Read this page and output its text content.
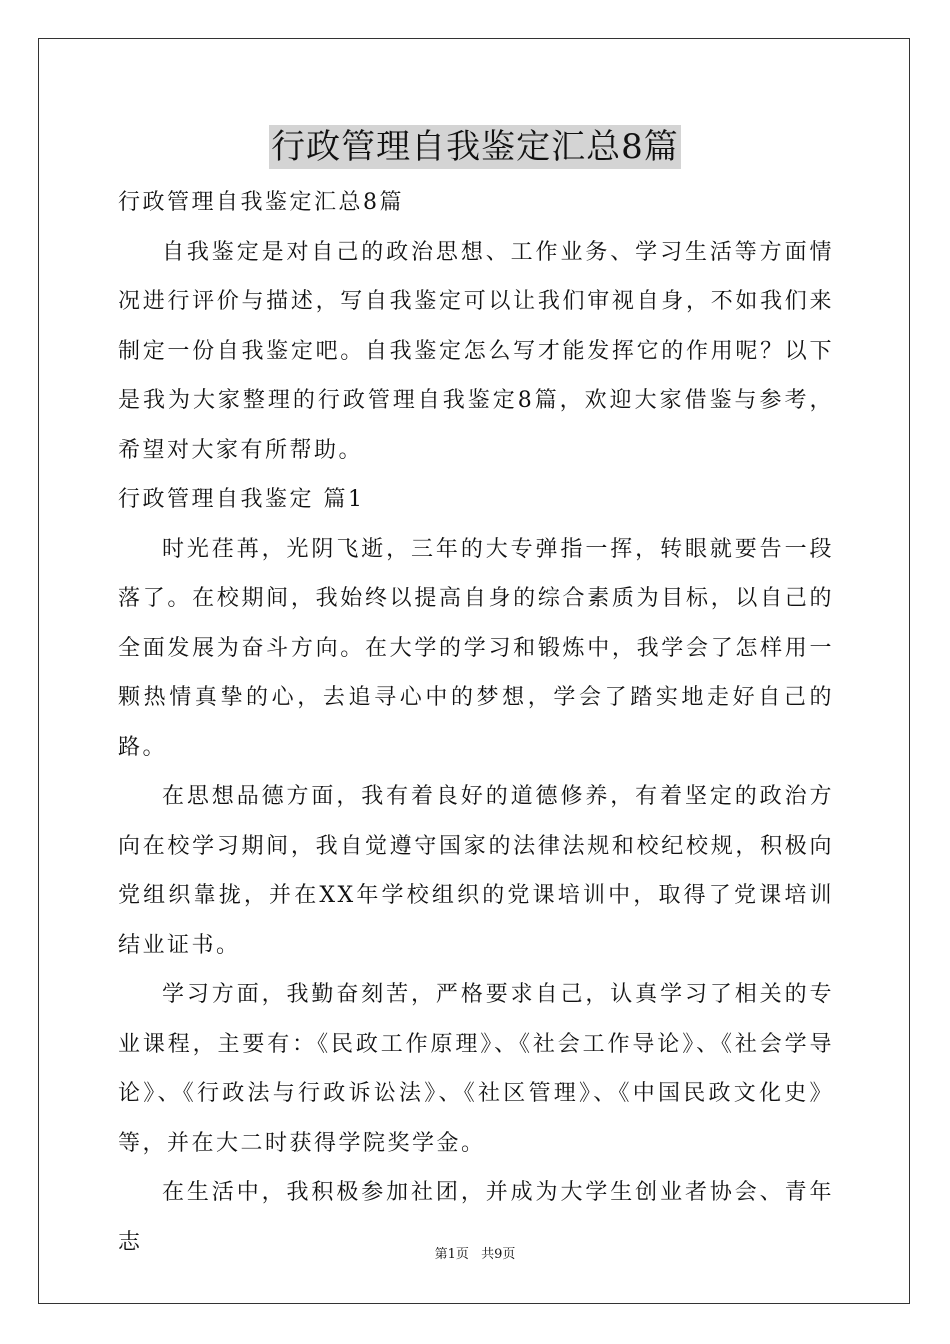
行政管理自我鉴定汇总8篇

行政管理自我鉴定汇总8篇

自我鉴定是对自己的政治思想、工作业务、学习生活等方面情况进行评价与描述，写自我鉴定可以让我们审视自身，不如我们来制定一份自我鉴定吧。自我鉴定怎么写才能发挥它的作用呢？以下是我为大家整理的行政管理自我鉴定8篇，欢迎大家借鉴与参考，希望对大家有所帮助。

行政管理自我鉴定 篇1

时光荏苒，光阴飞逝，三年的大专弹指一挥，转眼就要告一段落了。在校期间，我始终以提高自身的综合素质为目标，以自己的全面发展为奋斗方向。在大学的学习和锻炼中，我学会了怎样用一颗热情真挚的心，去追寻心中的梦想，学会了踏实地走好自己的路。

在思想品德方面，我有着良好的道德修养，有着坚定的政治方向在校学习期间，我自觉遵守国家的法律法规和校纪校规，积极向党组织靠拢，并在XX年学校组织的党课培训中，取得了党课培训结业证书。

学习方面，我勤奋刻苦，严格要求自己，认真学习了相关的专业课程，主要有：《民政工作原理》、《社会工作导论》、《社会学导论》、《行政法与行政诉讼法》、《社区管理》、《中国民政文化史》等，并在大二时获得学院奖学金。

在生活中，我积极参加社团，并成为大学生创业者协会、青年志	第1页 共9页
